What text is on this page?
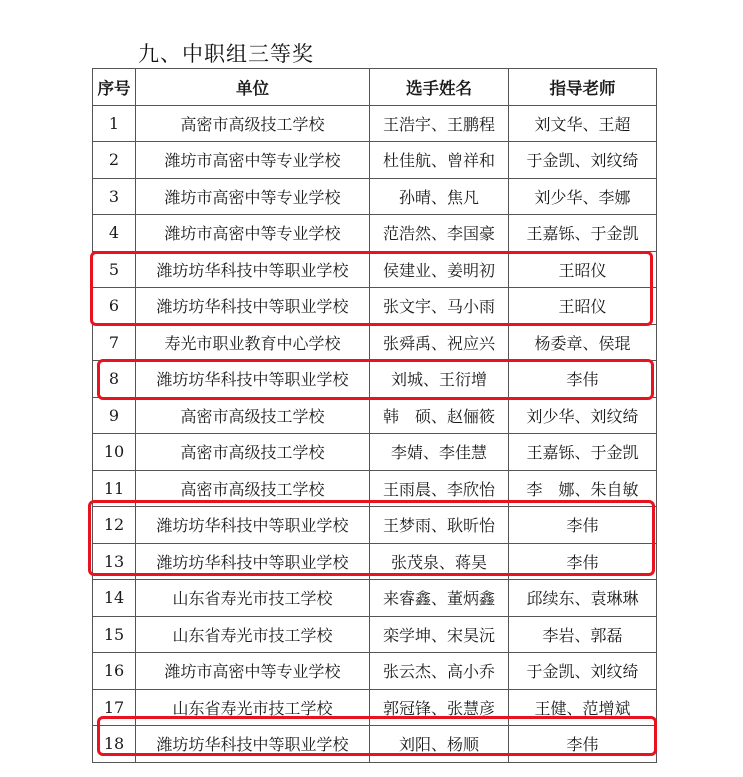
九、中职组三等奖
序号	单位	选手姓名	指导老师
1	高密市高级技工学校	王浩宇、王鹏程	刘文华、王超
2	潍坊市高密中等专业学校	杜佳航、曾祥和	于金凯、刘纹绮
3	潍坊市高密中等专业学校	孙晴、焦凡	刘少华、李娜
4	潍坊市高密中等专业学校	范浩然、李国豪	王嘉铄、于金凯
5	潍坊坊华科技中等职业学校	侯建业、姜明初	王昭仪
6	潍坊坊华科技中等职业学校	张文宇、马小雨	王昭仪
7	寿光市职业教育中心学校	张舜禹、祝应兴	杨委章、侯琨
8	潍坊坊华科技中等职业学校	刘城、王衍增	李伟
9	高密市高级技工学校	韩　硕、赵俪筱	刘少华、刘纹绮
10	高密市高级技工学校	李婧、李佳慧	王嘉铄、于金凯
11	高密市高级技工学校	王雨晨、李欣怡	李　娜、朱自敏
12	潍坊坊华科技中等职业学校	王梦雨、耿昕怡	李伟
13	潍坊坊华科技中等职业学校	张茂泉、蒋昊	李伟
14	山东省寿光市技工学校	来睿鑫、董炳鑫	邱续东、袁琳琳
15	山东省寿光市技工学校	栾学坤、宋昊沅	李岩、郭磊
16	潍坊市高密中等专业学校	张云杰、高小乔	于金凯、刘纹绮
17	山东省寿光市技工学校	郭冠锋、张慧彦	王健、范增斌
18	潍坊坊华科技中等职业学校	刘阳、杨顺	李伟
